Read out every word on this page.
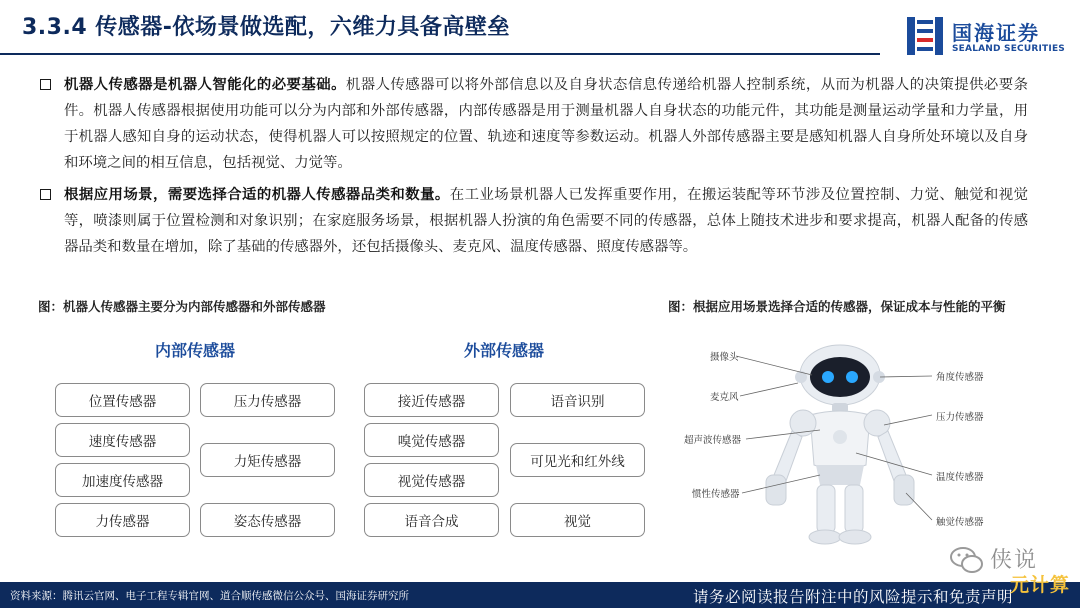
3.3.4 传感器-依场景做选配，六维力具备高壁垒	国海证券
SEALAND SECURITIES
机器人传感器是机器人智能化的必要基础。机器人传感器可以将外部信息以及自身状态信息传递给机器人控制系统，从而为机器人的决策提供必要条件。机器人传感器根据使用功能可以分为内部和外部传感器，内部传感器是用于测量机器人自身状态的功能元件，其功能是测量运动学量和力学量，用于机器人感知自身的运动状态，使得机器人可以按照规定的位置、轨迹和速度等参数运动。机器人外部传感器主要是感知机器人自身所处环境以及自身和环境之间的相互信息，包括视觉、力觉等。
根据应用场景，需要选择合适的机器人传感器品类和数量。在工业场景机器人已发挥重要作用，在搬运装配等环节涉及位置控制、力觉、触觉和视觉等，喷漆则属于位置检测和对象识别；在家庭服务场景，根据机器人扮演的角色需要不同的传感器，总体上随技术进步和要求提高，机器人配备的传感器品类和数量在增加，除了基础的传感器外，还包括摄像头、麦克风、温度传感器、照度传感器等。
图：机器人传感器主要分为内部传感器和外部传感器
内部传感器
位置传感器
速度传感器
加速度传感器
力传感器
压力传感器
力矩传感器
姿态传感器
外部传感器
接近传感器
嗅觉传感器
视觉传感器
语音合成
语音识别
可见光和红外线
视觉
图：根据应用场景选择合适的传感器，保证成本与性能的平衡
摄像头
麦克风
超声波传感器
惯性传感器
角度传感器
压力传感器
温度传感器
触觉传感器
侠说
资料来源：腾讯云官网、电子工程专辑官网、道合顺传感微信公众号、国海证券研究所	请务必阅读报告附注中的风险提示和免责声明
元计算
